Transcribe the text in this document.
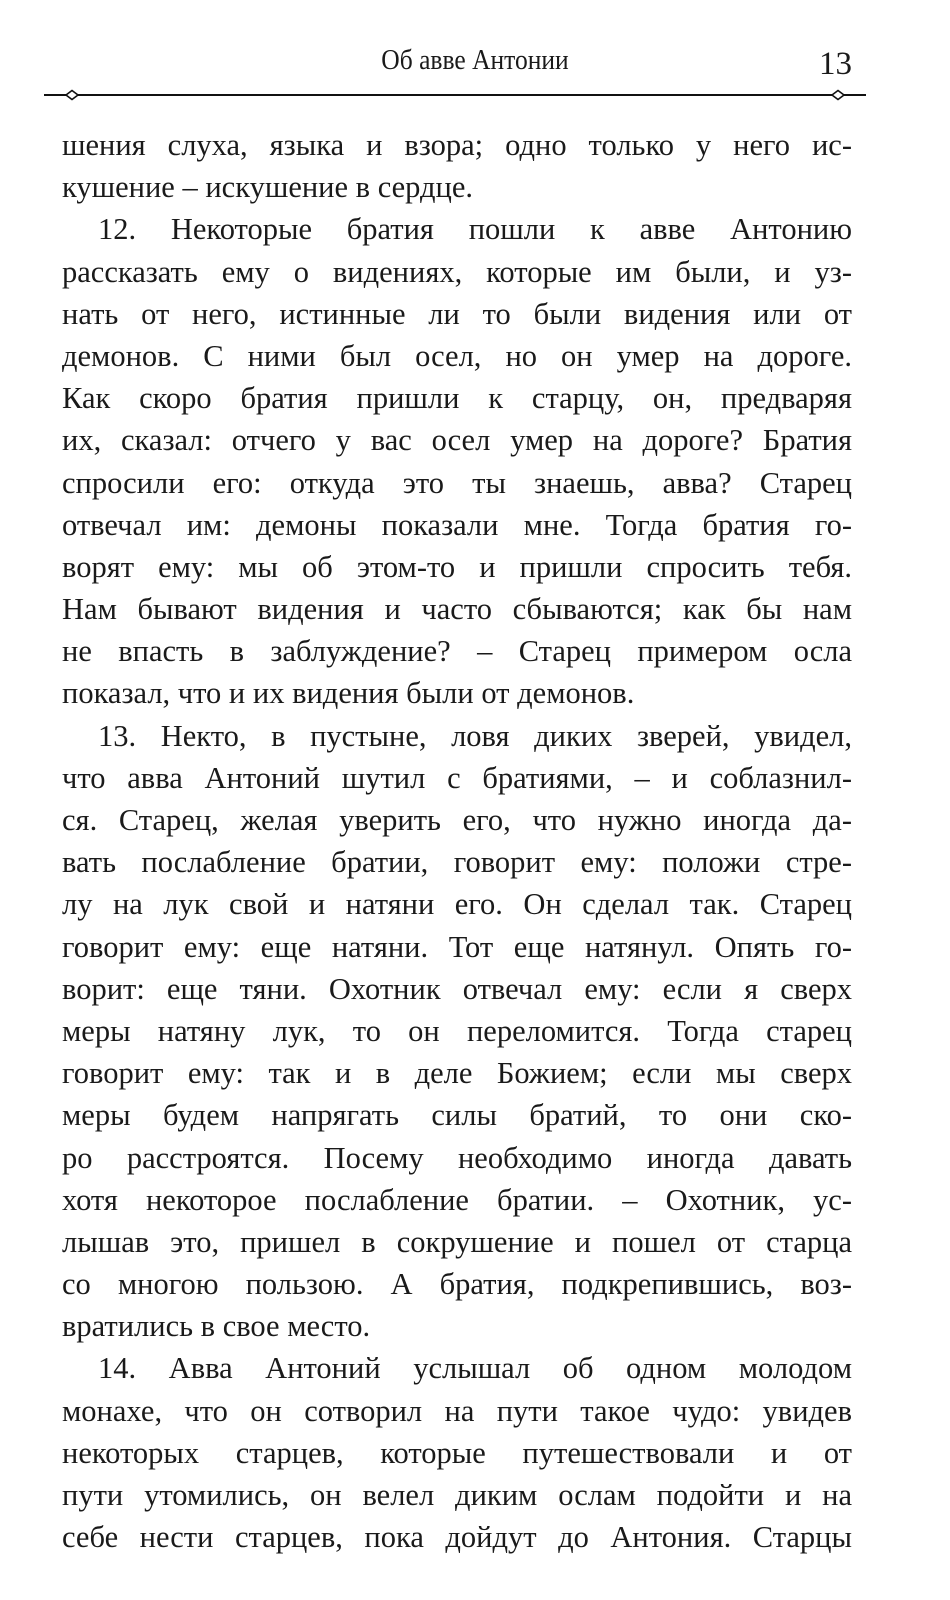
Об авве Антонии	13
шения слуха, языка и взора; одно только у него ис-
кушение – искушение в сердце.
12. Некоторые братия пошли к авве Антонию
рассказать ему о видениях, которые им были, и уз-
нать от него, истинные ли то были видения или от
демонов. С ними был осел, но он умер на дороге.
Как скоро братия пришли к старцу, он, предваряя
их, сказал: отчего у вас осел умер на дороге? Братия
спросили его: откуда это ты знаешь, авва? Старец
отвечал им: демоны показали мне. Тогда братия го-
ворят ему: мы об этом-то и пришли спросить тебя.
Нам бывают видения и часто сбываются; как бы нам
не впасть в заблуждение? – Старец примером осла
показал, что и их видения были от демонов.
13. Некто, в пустыне, ловя диких зверей, увидел,
что авва Антоний шутил с братиями, – и соблазнил-
ся. Старец, желая уверить его, что нужно иногда да-
вать послабление братии, говорит ему: положи стре-
лу на лук свой и натяни его. Он сделал так. Старец
говорит ему: еще натяни. Тот еще натянул. Опять го-
ворит: еще тяни. Охотник отвечал ему: если я сверх
меры натяну лук, то он переломится. Тогда старец
говорит ему: так и в деле Божием; если мы сверх
меры будем напрягать силы братий, то они ско-
ро расстроятся. Посему необходимо иногда давать
хотя некоторое послабление братии. – Охотник, ус-
лышав это, пришел в сокрушение и пошел от старца
со многою пользою. А братия, подкрепившись, воз-
вратились в свое место.
14. Авва Антоний услышал об одном молодом
монахе, что он сотворил на пути такое чудо: увидев
некоторых старцев, которые путешествовали и от
пути утомились, он велел диким ослам подойти и на
себе нести старцев, пока дойдут до Антония. Старцы
